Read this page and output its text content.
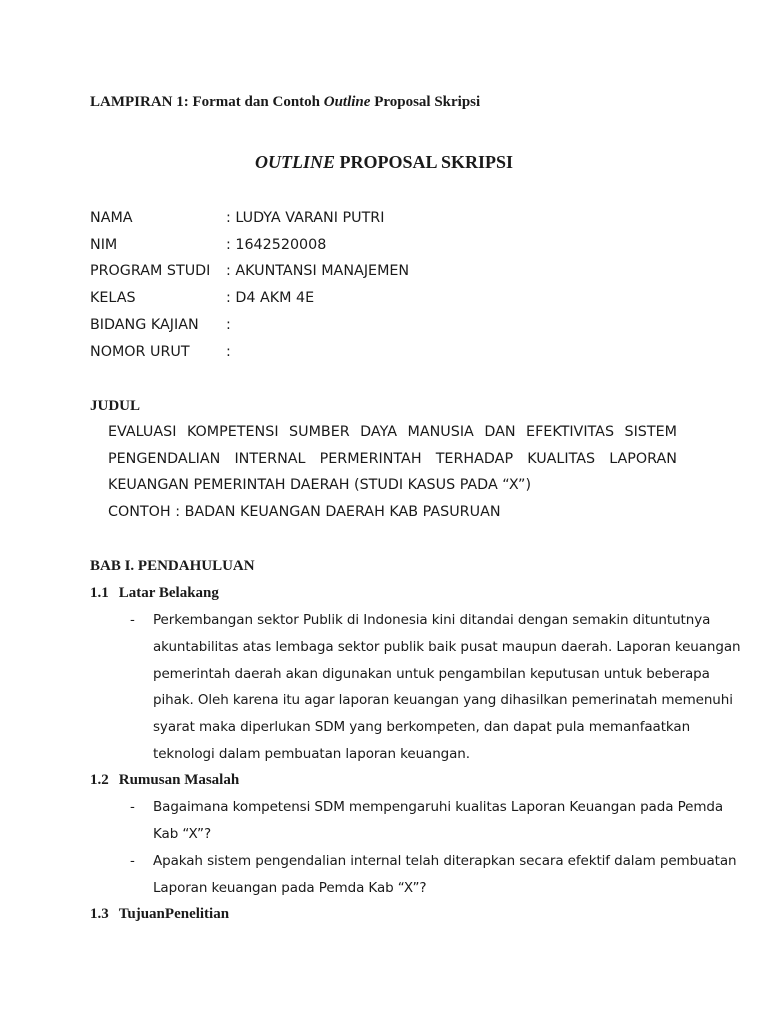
LAMPIRAN 1: Format dan Contoh Outline Proposal Skripsi
OUTLINE PROPOSAL SKRIPSI
NAMA	: LUDYA VARANI PUTRI
NIM	: 1642520008
PROGRAM STUDI : AKUNTANSI MANAJEMEN
KELAS	: D4 AKM 4E
BIDANG KAJIAN :
NOMOR URUT	:
JUDUL
EVALUASI KOMPETENSI SUMBER DAYA MANUSIA DAN EFEKTIVITAS SISTEM
PENGENDALIAN INTERNAL PERMERINTAH TERHADAP KUALITAS LAPORAN
KEUANGAN PEMERINTAH DAERAH (STUDI KASUS PADA “X”)
CONTOH : BADAN KEUANGAN DAERAH KAB PASURUAN
BAB I. PENDAHULUAN
1.1 Latar Belakang
- Perkembangan sektor Publik di Indonesia kini ditandai dengan semakin dituntutnya
akuntabilitas atas lembaga sektor publik baik pusat maupun daerah. Laporan keuangan
pemerintah daerah akan digunakan untuk pengambilan keputusan untuk beberapa
pihak. Oleh karena itu agar laporan keuangan yang dihasilkan pemerinatah memenuhi
syarat maka diperlukan SDM yang berkompeten, dan dapat pula memanfaatkan
teknologi dalam pembuatan laporan keuangan.
1.2 Rumusan Masalah
- Bagaimana kompetensi SDM mempengaruhi kualitas Laporan Keuangan pada Pemda
Kab “X”?
- Apakah sistem pengendalian internal telah diterapkan secara efektif dalam pembuatan
Laporan keuangan pada Pemda Kab “X”?
1.3 TujuanPenelitian
